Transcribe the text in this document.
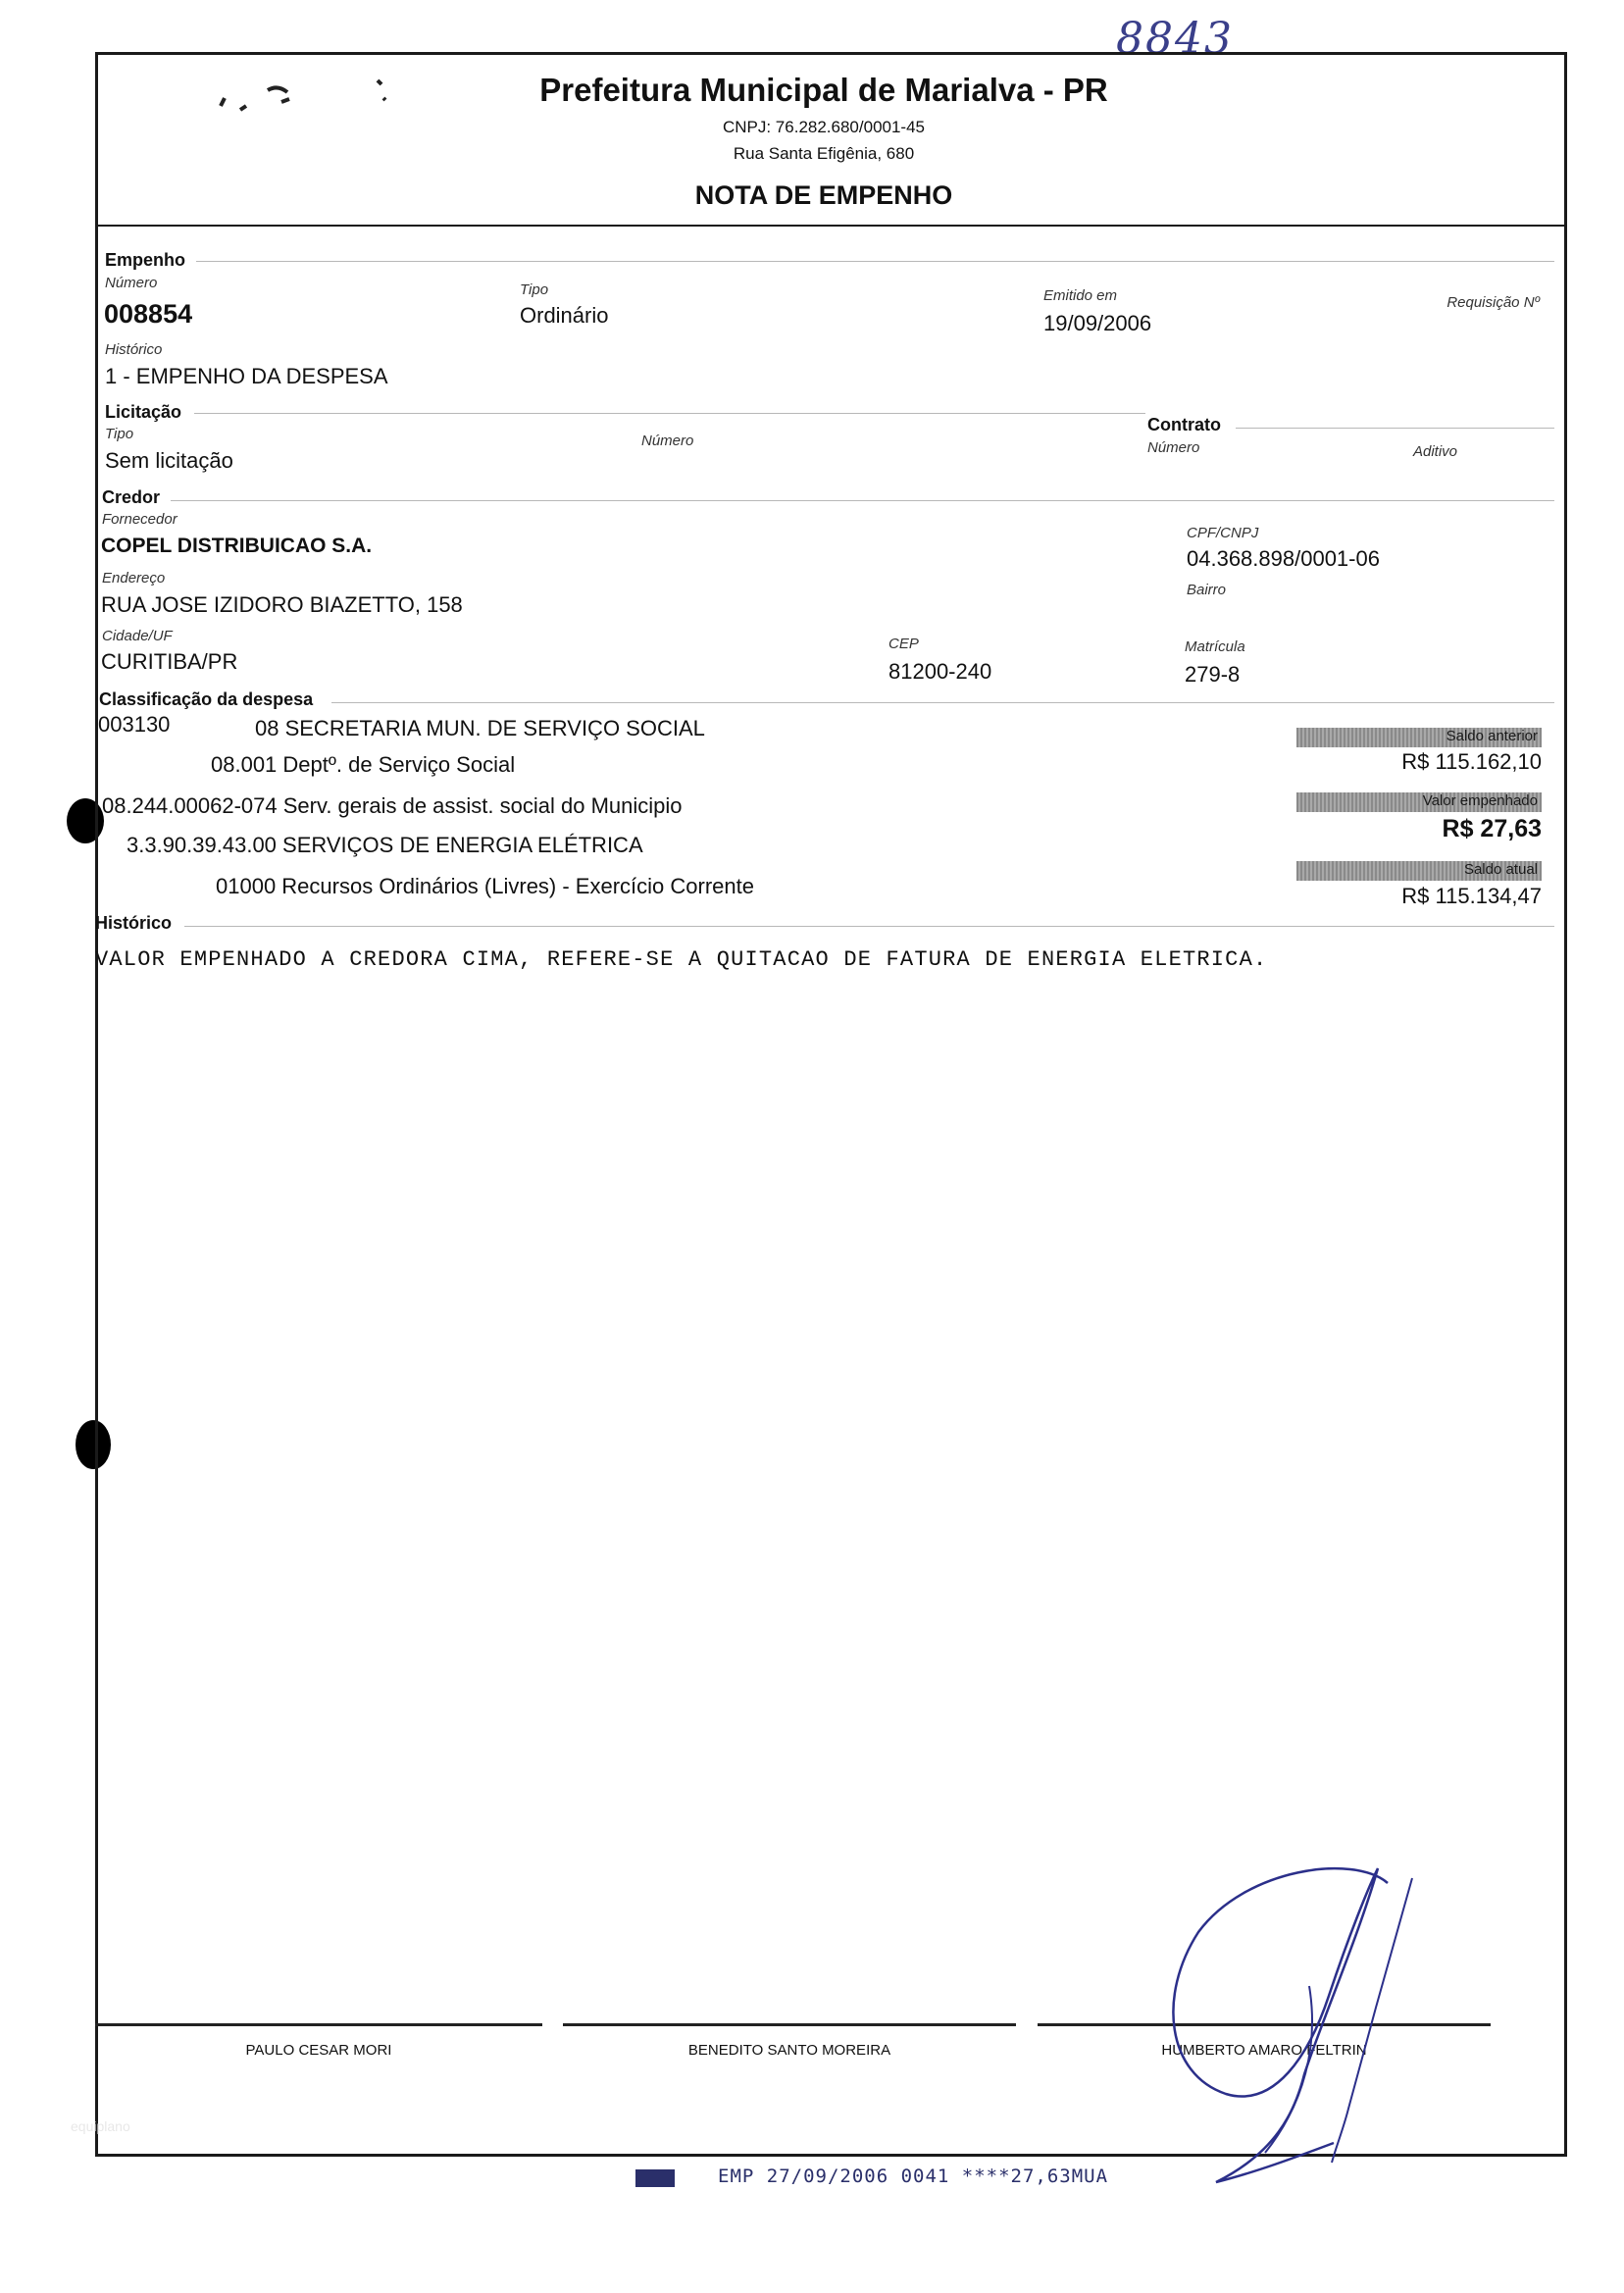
8843
Prefeitura Municipal de Marialva - PR
CNPJ: 76.282.680/0001-45
Rua Santa Efigênia, 680
NOTA DE EMPENHO
Empenho
Número
008854
Tipo
Ordinário
Emitido em
19/09/2006
Requisição Nº
Histórico
1 - EMPENHO DA DESPESA
Licitação
Tipo
Sem licitação
Número
Contrato
Número	Aditivo
Credor
Fornecedor
COPEL DISTRIBUICAO S.A.
CPF/CNPJ
04.368.898/0001-06
Endereço
RUA JOSE IZIDORO BIAZETTO, 158
Bairro
Cidade/UF
CURITIBA/PR
CEP
81200-240
Matrícula
279-8
Classificação da despesa
003130	08 SECRETARIA MUN. DE SERVIÇO SOCIAL
08.001 Deptº. de Serviço Social
08.244.00062-074 Serv. gerais de assist. social do Municipio
3.3.90.39.43.00 SERVIÇOS DE ENERGIA ELÉTRICA
01000 Recursos Ordinários (Livres) - Exercício Corrente
Saldo anterior
R$ 115.162,10
Valor empenhado
R$ 27,63
Saldo atual
R$ 115.134,47
Histórico
VALOR EMPENHADO A CREDORA CIMA, REFERE-SE A QUITACAO DE FATURA DE ENERGIA ELETRICA.
PAULO CESAR MORI	BENEDITO SANTO MOREIRA	HUMBERTO AMARO FELTRIN
equiplano
EMP 27/09/2006 0041 ****27,63MUA
